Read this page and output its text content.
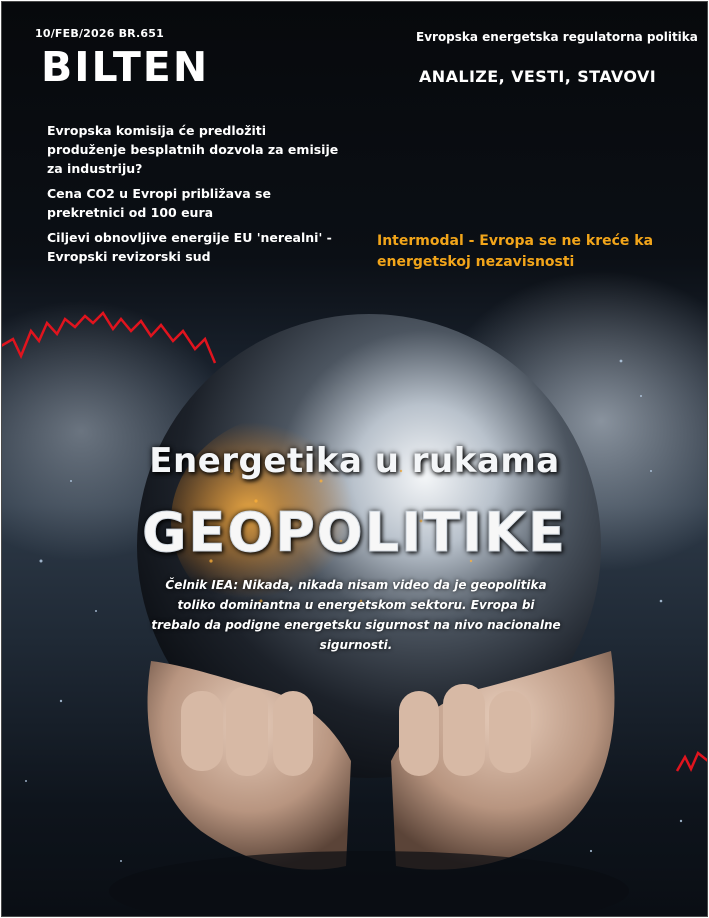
10/FEB/2026 BR.651
BILTEN
Evropska energetska regulatorna politika
ANALIZE, VESTI, STAVOVI
Evropska komisija će predložiti produženje besplatnih dozvola za emisije za industriju?
Cena CO2 u Evropi približava se prekretnici od 100 eura
Ciljevi obnovljive energije EU 'nerealni' - Evropski revizorski sud
Intermodal - Evropa se ne kreće ka energetskoj nezavisnosti
Energetika u rukama
GEOPOLITIKE
Čelnik IEA: Nikada, nikada nisam video da je geopolitika toliko dominantna u energetskom sektoru. Evropa bi trebalo da podigne energetsku sigurnost na nivo nacionalne sigurnosti.
